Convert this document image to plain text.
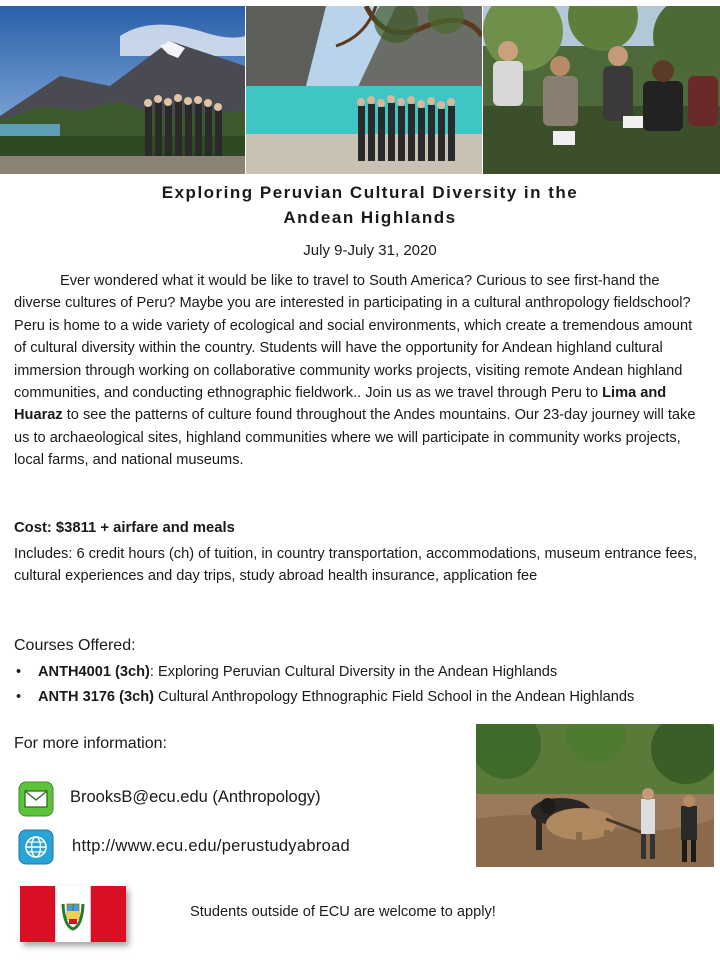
Exploring Peruvian Cultural Diversity in the
Andean Highlands
July 9-July 31, 2020
Ever wondered what it would be like to travel to South America? Curious to see first-hand the diverse cultures of Peru? Maybe you are interested in participating in a cultural anthropology fieldschool? Peru is home to a wide variety of ecological and social environments, which create a tremendous amount of cultural diversity within the country. Students will have the opportunity for Andean highland cultural immersion through working on collaborative community works projects, visiting remote Andean highland communities, and conducting ethnographic fieldwork.. Join us as we travel through Peru to Lima and Huaraz to see the patterns of culture found throughout the Andes mountains. Our 23-day journey will take us to archaeological sites, highland communities where we will participate in community works projects, local farms, and national museums.
Cost: $3811 + airfare and meals
Includes: 6 credit hours (ch) of tuition, in country transportation, accommodations, museum entrance fees, cultural experiences and day trips, study abroad health insurance, application fee
Courses Offered:
•	ANTH4001 (3ch): Exploring Peruvian Cultural Diversity in the Andean Highlands
•	ANTH 3176 (3ch) Cultural Anthropology Ethnographic Field School in the Andean Highlands
For more information:
BrooksB@ecu.edu (Anthropology)
http://www.ecu.edu/perustudyabroad
Students outside of ECU are welcome to apply!
